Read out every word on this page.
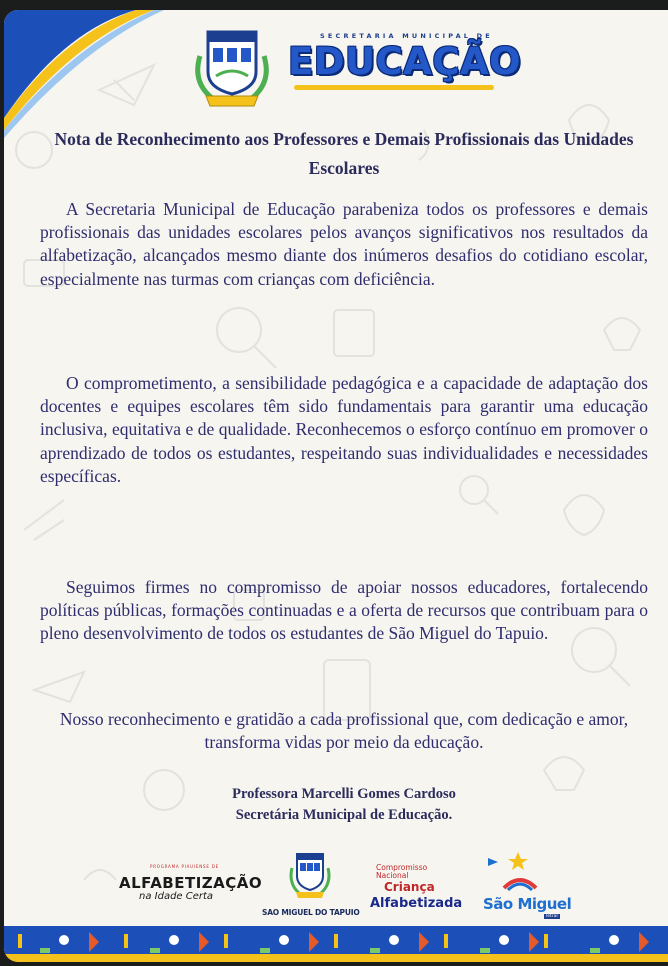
SECRETARIA MUNICIPAL DE
EDUCAÇÃO
Nota de Reconhecimento aos Professores e Demais Profissionais das Unidades Escolares
A Secretaria Municipal de Educação parabeniza todos os professores e demais profissionais das unidades escolares pelos avanços significativos nos resultados da alfabetização, alcançados mesmo diante dos inúmeros desafios do cotidiano escolar, especialmente nas turmas com crianças com deficiência.
O comprometimento, a sensibilidade pedagógica e a capacidade de adaptação dos docentes e equipes escolares têm sido fundamentais para garantir uma educação inclusiva, equitativa e de qualidade. Reconhecemos o esforço contínuo em promover o aprendizado de todos os estudantes, respeitando suas individualidades e necessidades específicas.
Seguimos firmes no compromisso de apoiar nossos educadores, fortalecendo políticas públicas, formações continuadas e a oferta de recursos que contribuam para o pleno desenvolvimento de todos os estudantes de São Miguel do Tapuio.
Nosso reconhecimento e gratidão a cada profissional que, com dedicação e amor, transforma vidas por meio da educação.
Professora Marcelli Gomes Cardoso
Secretária Municipal de Educação.
PROGRAMA PIAUIENSE DE
ALFABETIZAÇÃO
na Idade Certa
SAO MIGUEL DO TAPUIO
Compromisso Nacional
Criança
Alfabetizada São Miguel
letrar
